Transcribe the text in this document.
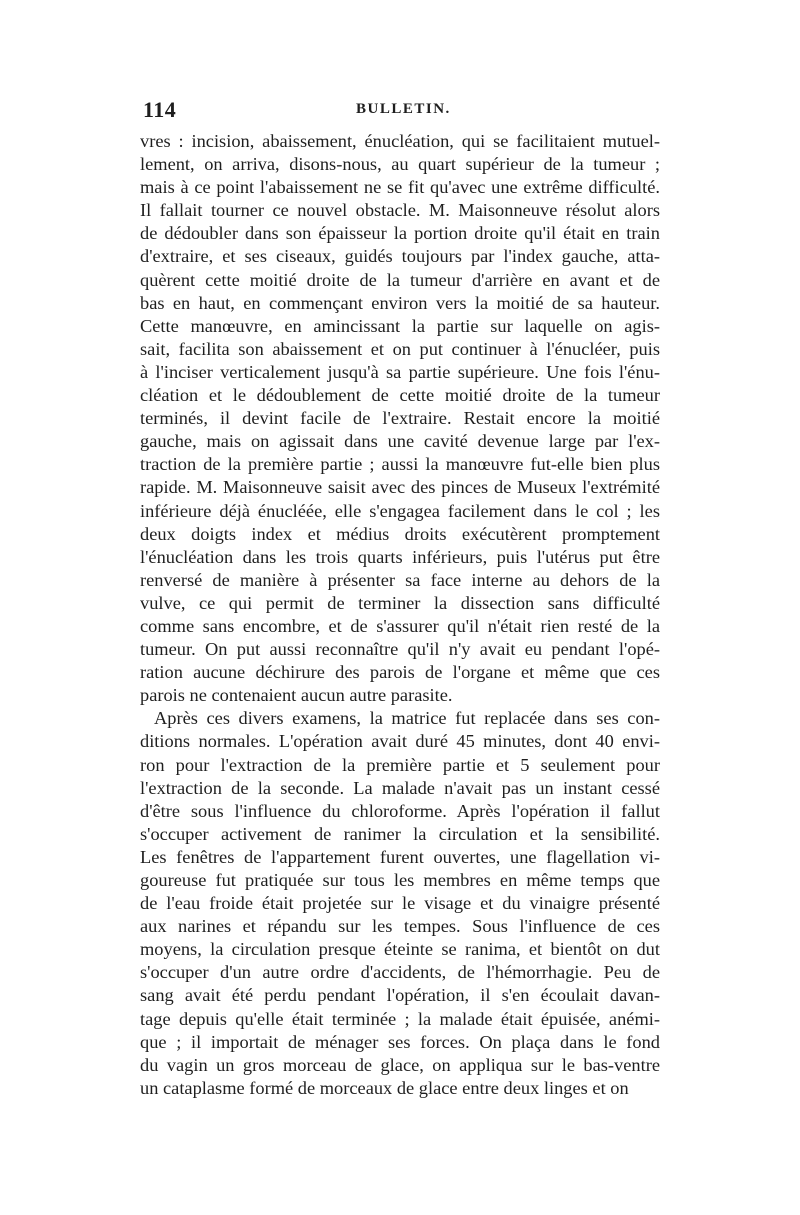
114	BULLETIN.
vres : incision, abaissement, énucléation, qui se facilitaient mutuel-
lement, on arriva, disons-nous, au quart supérieur de la tumeur ;
mais à ce point l'abaissement ne se fit qu'avec une extrême difficulté.
Il fallait tourner ce nouvel obstacle. M. Maisonneuve résolut alors
de dédoubler dans son épaisseur la portion droite qu'il était en train
d'extraire, et ses ciseaux, guidés toujours par l'index gauche, atta-
quèrent cette moitié droite de la tumeur d'arrière en avant et de
bas en haut, en commençant environ vers la moitié de sa hauteur.
Cette manœuvre, en amincissant la partie sur laquelle on agis-
sait, facilita son abaissement et on put continuer à l'énucléer, puis
à l'inciser verticalement jusqu'à sa partie supérieure. Une fois l'énu-
cléation et le dédoublement de cette moitié droite de la tumeur
terminés, il devint facile de l'extraire. Restait encore la moitié
gauche, mais on agissait dans une cavité devenue large par l'ex-
traction de la première partie ; aussi la manœuvre fut-elle bien plus
rapide. M. Maisonneuve saisit avec des pinces de Museux l'extrémité
inférieure déjà énucléée, elle s'engagea facilement dans le col ; les
deux doigts index et médius droits exécutèrent promptement
l'énucléation dans les trois quarts inférieurs, puis l'utérus put être
renversé de manière à présenter sa face interne au dehors de la
vulve, ce qui permit de terminer la dissection sans difficulté
comme sans encombre, et de s'assurer qu'il n'était rien resté de la
tumeur. On put aussi reconnaître qu'il n'y avait eu pendant l'opé-
ration aucune déchirure des parois de l'organe et même que ces
parois ne contenaient aucun autre parasite.
Après ces divers examens, la matrice fut replacée dans ses con-
ditions normales. L'opération avait duré 45 minutes, dont 40 envi-
ron pour l'extraction de la première partie et 5 seulement pour
l'extraction de la seconde. La malade n'avait pas un instant cessé
d'être sous l'influence du chloroforme. Après l'opération il fallut
s'occuper activement de ranimer la circulation et la sensibilité.
Les fenêtres de l'appartement furent ouvertes, une flagellation vi-
goureuse fut pratiquée sur tous les membres en même temps que
de l'eau froide était projetée sur le visage et du vinaigre présenté
aux narines et répandu sur les tempes. Sous l'influence de ces
moyens, la circulation presque éteinte se ranima, et bientôt on dut
s'occuper d'un autre ordre d'accidents, de l'hémorrhagie. Peu de
sang avait été perdu pendant l'opération, il s'en écoulait davan-
tage depuis qu'elle était terminée ; la malade était épuisée, anémi-
que ; il importait de ménager ses forces. On plaça dans le fond
du vagin un gros morceau de glace, on appliqua sur le bas-ventre
un cataplasme formé de morceaux de glace entre deux linges et on
